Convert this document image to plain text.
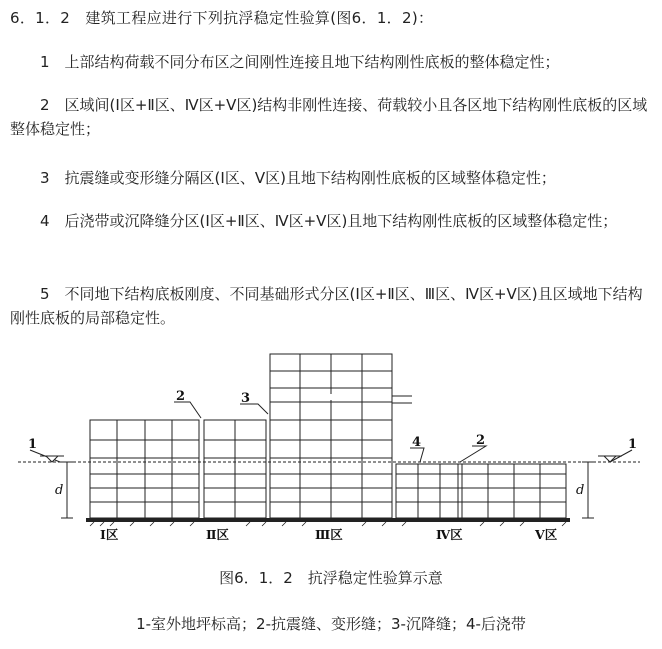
6．1．2　建筑工程应进行下列抗浮稳定性验算(图6．1．2)：

1　上部结构荷载不同分布区之间刚性连接且地下结构刚性底板的整体稳定性；

2　区域间(Ⅰ区+Ⅱ区、Ⅳ区+Ⅴ区)结构非刚性连接、荷载较小且各区地下结构刚性底板的区域整体稳定性；

3　抗震缝或变形缝分隔区(Ⅰ区、Ⅴ区)且地下结构刚性底板的区域整体稳定性；

4　后浇带或沉降缝分区(Ⅰ区+Ⅱ区、Ⅳ区+Ⅴ区)且地下结构刚性底板的区域整体稳定性；

5　不同地下结构底板刚度、不同基础形式分区(Ⅰ区+Ⅱ区、Ⅲ区、Ⅳ区+Ⅴ区)且区域地下结构刚性底板的局部稳定性。

1	1
2	3
4	2
d	d
Ⅰ区	Ⅱ区	Ⅲ区	Ⅳ区	Ⅴ区

图6．1．2　抗浮稳定性验算示意

1-室外地坪标高；2-抗震缝、变形缝；3-沉降缝；4-后浇带
